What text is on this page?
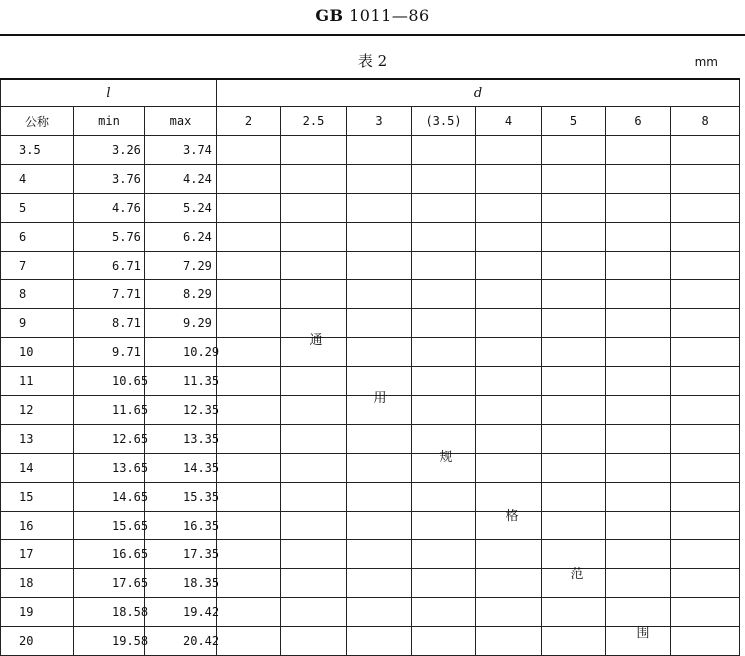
GB 1011—86
表 2	mm
l			d							
公称	min	max	2	2.5	3	(3.5)	4	5	6	8
3.5	3.26	3.74								
4	3.76	4.24								
5	4.76	5.24								
6	5.76	6.24								
7	6.71	7.29								
8	7.71	8.29								
9	8.71	9.29								
10	9.71	10.29								
11	10.65	11.35								
12	11.65	12.35								
13	12.65	13.35								
14	13.65	14.35								
15	14.65	15.35								
16	15.65	16.35								
17	16.65	17.35								
18	17.65	18.35								
19	18.58	19.42								
20	19.58	20.42								
通
用
规
格
范
围
